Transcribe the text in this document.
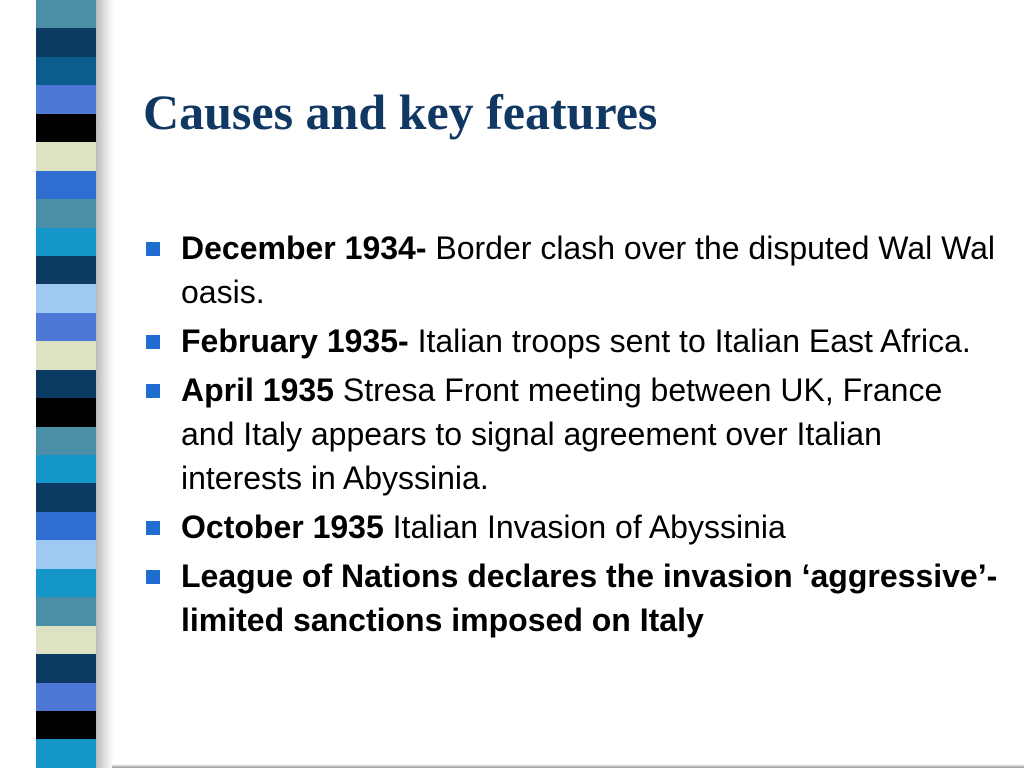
Causes and key features
December 1934- Border clash over the disputed Wal Wal oasis.
February 1935- Italian troops sent to Italian East Africa.
April 1935 Stresa Front meeting between UK, France and Italy appears to signal agreement over Italian interests in Abyssinia.
October 1935 Italian Invasion of Abyssinia
League of Nations declares the invasion ‘aggressive’- limited sanctions imposed on Italy
